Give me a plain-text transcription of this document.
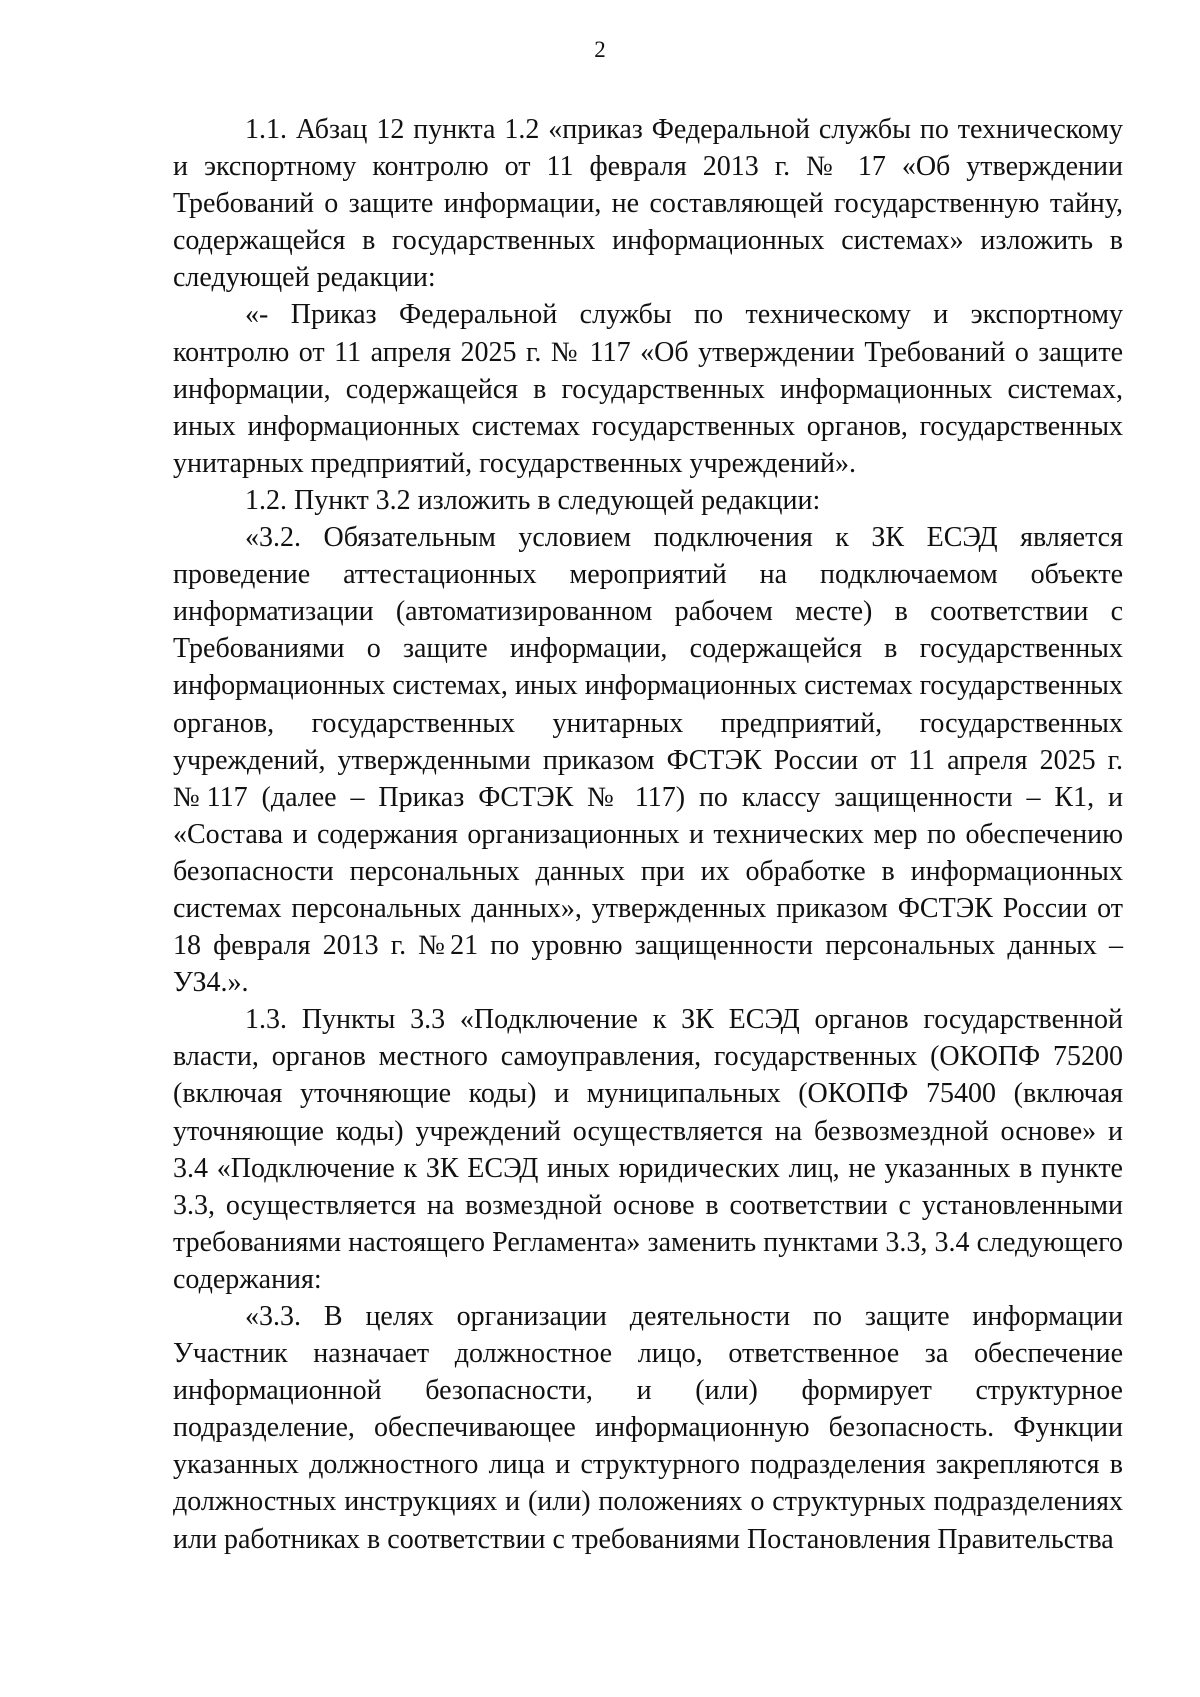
2

1.1. Абзац 12 пункта 1.2 «приказ Федеральной службы по техническому и экспортному контролю от 11 февраля 2013 г. № 17 «Об утверждении Требований о защите информации, не составляющей государственную тайну, содержащейся в государственных информационных системах» изложить в следующей редакции:

«- Приказ Федеральной службы по техническому и экспортному контролю от 11 апреля 2025 г. № 117 «Об утверждении Требований о защите информации, содержащейся в государственных информационных системах, иных информационных системах государственных органов, государственных унитарных предприятий, государственных учреждений».

1.2. Пункт 3.2 изложить в следующей редакции:

«3.2. Обязательным условием подключения к ЗК ЕСЭД является проведение аттестационных мероприятий на подключаемом объекте информатизации (автоматизированном рабочем месте) в соответствии с Требованиями о защите информации, содержащейся в государственных информационных системах, иных информационных системах государственных органов, государственных унитарных предприятий, государственных учреждений, утвержденными приказом ФСТЭК России от 11 апреля 2025 г. №117 (далее – Приказ ФСТЭК № 117) по классу защищенности – К1, и «Состава и содержания организационных и технических мер по обеспечению безопасности персональных данных при их обработке в информационных системах персональных данных», утвержденных приказом ФСТЭК России от 18 февраля 2013 г. №21 по уровню защищенности персональных данных – УЗ4.».

1.3. Пункты 3.3 «Подключение к ЗК ЕСЭД органов государственной власти, органов местного самоуправления, государственных (ОКОПФ 75200 (включая уточняющие коды) и муниципальных (ОКОПФ 75400 (включая уточняющие коды) учреждений осуществляется на безвозмездной основе» и 3.4 «Подключение к ЗК ЕСЭД иных юридических лиц, не указанных в пункте 3.3, осуществляется на возмездной основе в соответствии с установленными требованиями настоящего Регламента» заменить пунктами 3.3, 3.4 следующего содержания:

«3.3. В целях организации деятельности по защите информации Участник назначает должностное лицо, ответственное за обеспечение информационной безопасности, и (или) формирует структурное подразделение, обеспечивающее информационную безопасность. Функции указанных должностного лица и структурного подразделения закрепляются в должностных инструкциях и (или) положениях о структурных подразделениях или работниках в соответствии с требованиями Постановления Правительства
